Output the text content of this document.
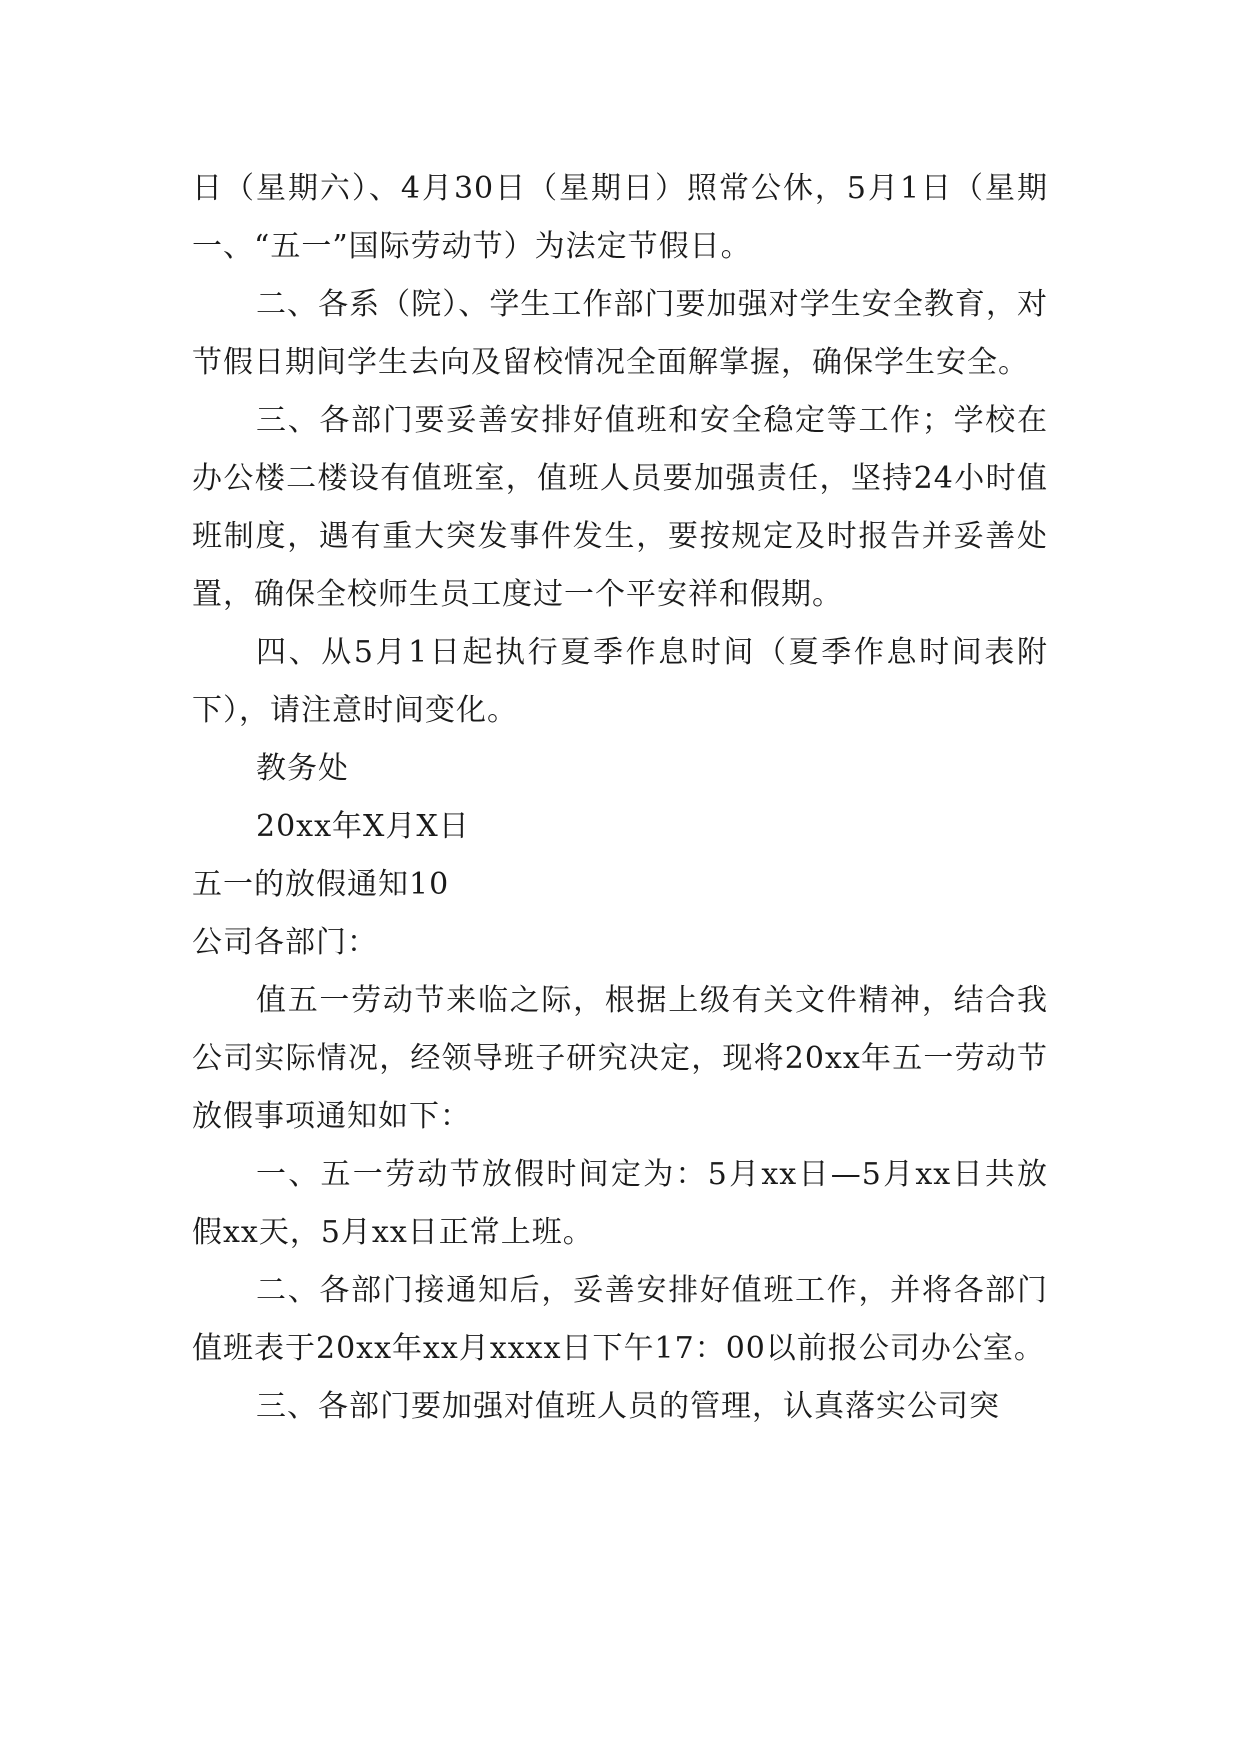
日（星期六）、4月30日（星期日）照常公休，5月1日（星期一、“五一”国际劳动节）为法定节假日。

二、各系（院）、学生工作部门要加强对学生安全教育，对节假日期间学生去向及留校情况全面解掌握，确保学生安全。

三、各部门要妥善安排好值班和安全稳定等工作；学校在办公楼二楼设有值班室，值班人员要加强责任，坚持24小时值班制度，遇有重大突发事件发生，要按规定及时报告并妥善处置，确保全校师生员工度过一个平安祥和假期。

四、从5月1日起执行夏季作息时间（夏季作息时间表附下），请注意时间变化。

教务处

20xx年X月X日

五一的放假通知10

公司各部门：

值五一劳动节来临之际，根据上级有关文件精神，结合我公司实际情况，经领导班子研究决定，现将20xx年五一劳动节放假事项通知如下：

一、五一劳动节放假时间定为：5月xx日—5月xx日共放假xx天，5月xx日正常上班。

二、各部门接通知后，妥善安排好值班工作，并将各部门值班表于20xx年xx月xxxx日下午17：00以前报公司办公室。

三、各部门要加强对值班人员的管理，认真落实公司突
